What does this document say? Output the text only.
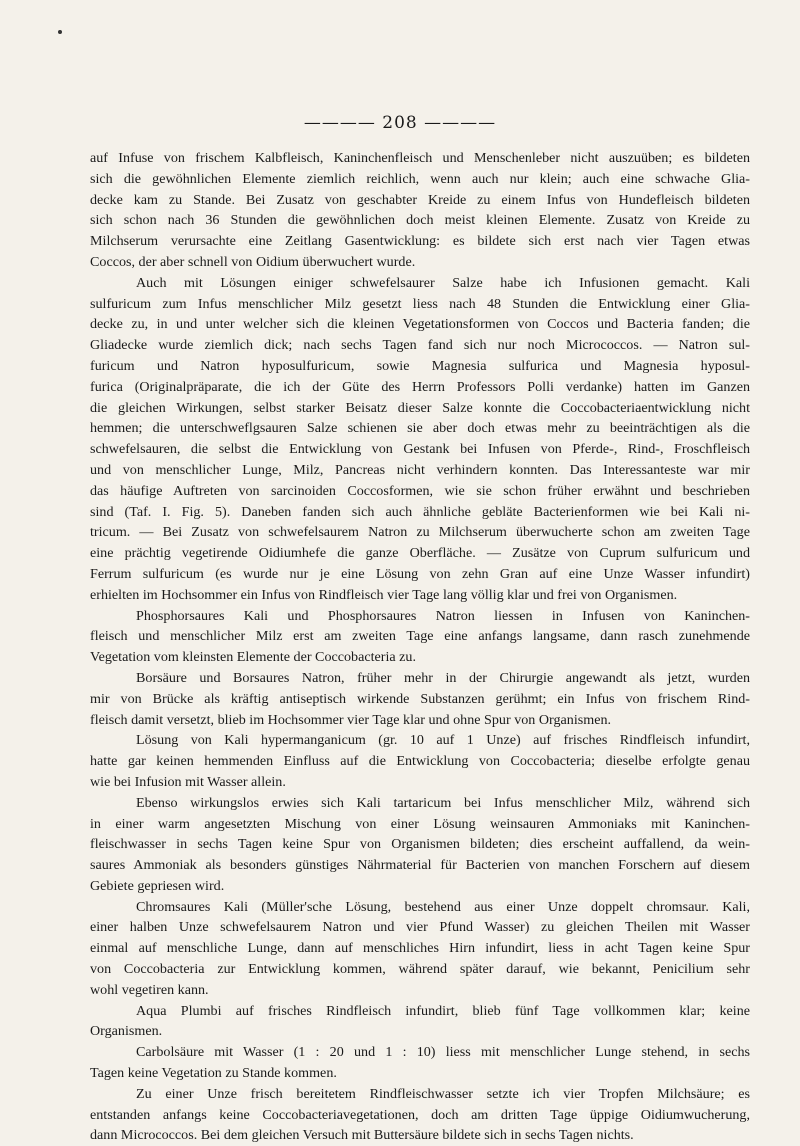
———— 208 ————
auf Infuse von frischem Kalbfleisch, Kaninchenfleisch und Menschenleber nicht auszuüben; es bildeten
sich die gewöhnlichen Elemente ziemlich reichlich, wenn auch nur klein; auch eine schwache Glia-
decke kam zu Stande. Bei Zusatz von geschabter Kreide zu einem Infus von Hundefleisch bildeten
sich schon nach 36 Stunden die gewöhnlichen doch meist kleinen Elemente. Zusatz von Kreide zu
Milchserum verursachte eine Zeitlang Gasentwicklung: es bildete sich erst nach vier Tagen etwas
Coccos, der aber schnell von Oidium überwuchert wurde.
Auch mit Lösungen einiger schwefelsaurer Salze habe ich Infusionen gemacht. Kali
sulfuricum zum Infus menschlicher Milz gesetzt liess nach 48 Stunden die Entwicklung einer Glia-
decke zu, in und unter welcher sich die kleinen Vegetationsformen von Coccos und Bacteria fanden; die
Gliadecke wurde ziemlich dick; nach sechs Tagen fand sich nur noch Micrococcos. — Natron sul-
furicum und Natron hyposulfuricum, sowie Magnesia sulfurica und Magnesia hyposul-
furica (Originalpräparate, die ich der Güte des Herrn Professors Polli verdanke) hatten im Ganzen
die gleichen Wirkungen, selbst starker Beisatz dieser Salze konnte die Coccobacteriaentwicklung nicht
hemmen; die unterschweflgsauren Salze schienen sie aber doch etwas mehr zu beeinträchtigen als die
schwefelsauren, die selbst die Entwicklung von Gestank bei Infusen von Pferde-, Rind-, Froschfleisch
und von menschlicher Lunge, Milz, Pancreas nicht verhindern konnten. Das Interessanteste war mir
das häufige Auftreten von sarcinoiden Coccosformen, wie sie schon früher erwähnt und beschrieben
sind (Taf. I. Fig. 5). Daneben fanden sich auch ähnliche gebläte Bacterienformen wie bei Kali ni-
tricum. — Bei Zusatz von schwefelsaurem Natron zu Milchserum überwucherte schon am zweiten Tage
eine prächtig vegetirende Oidiumhefe die ganze Oberfläche. — Zusätze von Cuprum sulfuricum und
Ferrum sulfuricum (es wurde nur je eine Lösung von zehn Gran auf eine Unze Wasser infundirt)
erhielten im Hochsommer ein Infus von Rindfleisch vier Tage lang völlig klar und frei von Organismen.
Phosphorsaures Kali und Phosphorsaures Natron liessen in Infusen von Kaninchen-
fleisch und menschlicher Milz erst am zweiten Tage eine anfangs langsame, dann rasch zunehmende
Vegetation vom kleinsten Elemente der Coccobacteria zu.
Borsäure und Borsaures Natron, früher mehr in der Chirurgie angewandt als jetzt, wurden
mir von Brücke als kräftig antiseptisch wirkende Substanzen gerühmt; ein Infus von frischem Rind-
fleisch damit versetzt, blieb im Hochsommer vier Tage klar und ohne Spur von Organismen.
Lösung von Kali hypermanganicum (gr. 10 auf 1 Unze) auf frisches Rindfleisch infundirt,
hatte gar keinen hemmenden Einfluss auf die Entwicklung von Coccobacteria; dieselbe erfolgte genau
wie bei Infusion mit Wasser allein.
Ebenso wirkungslos erwies sich Kali tartaricum bei Infus menschlicher Milz, während sich
in einer warm angesetzten Mischung von einer Lösung weinsauren Ammoniaks mit Kaninchen-
fleischwasser in sechs Tagen keine Spur von Organismen bildeten; dies erscheint auffallend, da wein-
saures Ammoniak als besonders günstiges Nährmaterial für Bacterien von manchen Forschern auf diesem
Gebiete gepriesen wird.
Chromsaures Kali (Müller'sche Lösung, bestehend aus einer Unze doppelt chromsaur. Kali,
einer halben Unze schwefelsaurem Natron und vier Pfund Wasser) zu gleichen Theilen mit Wasser
einmal auf menschliche Lunge, dann auf menschliches Hirn infundirt, liess in acht Tagen keine Spur
von Coccobacteria zur Entwicklung kommen, während später darauf, wie bekannt, Penicilium sehr
wohl vegetiren kann.
Aqua Plumbi auf frisches Rindfleisch infundirt, blieb fünf Tage vollkommen klar; keine
Organismen.
Carbolsäure mit Wasser (1 : 20 und 1 : 10) liess mit menschlicher Lunge stehend, in sechs
Tagen keine Vegetation zu Stande kommen.
Zu einer Unze frisch bereitetem Rindfleischwasser setzte ich vier Tropfen Milchsäure; es
entstanden anfangs keine Coccobacteriavegetationen, doch am dritten Tage üppige Oidiumwucherung,
dann Micrococcos. Bei dem gleichen Versuch mit Buttersäure bildete sich in sechs Tagen nichts.
